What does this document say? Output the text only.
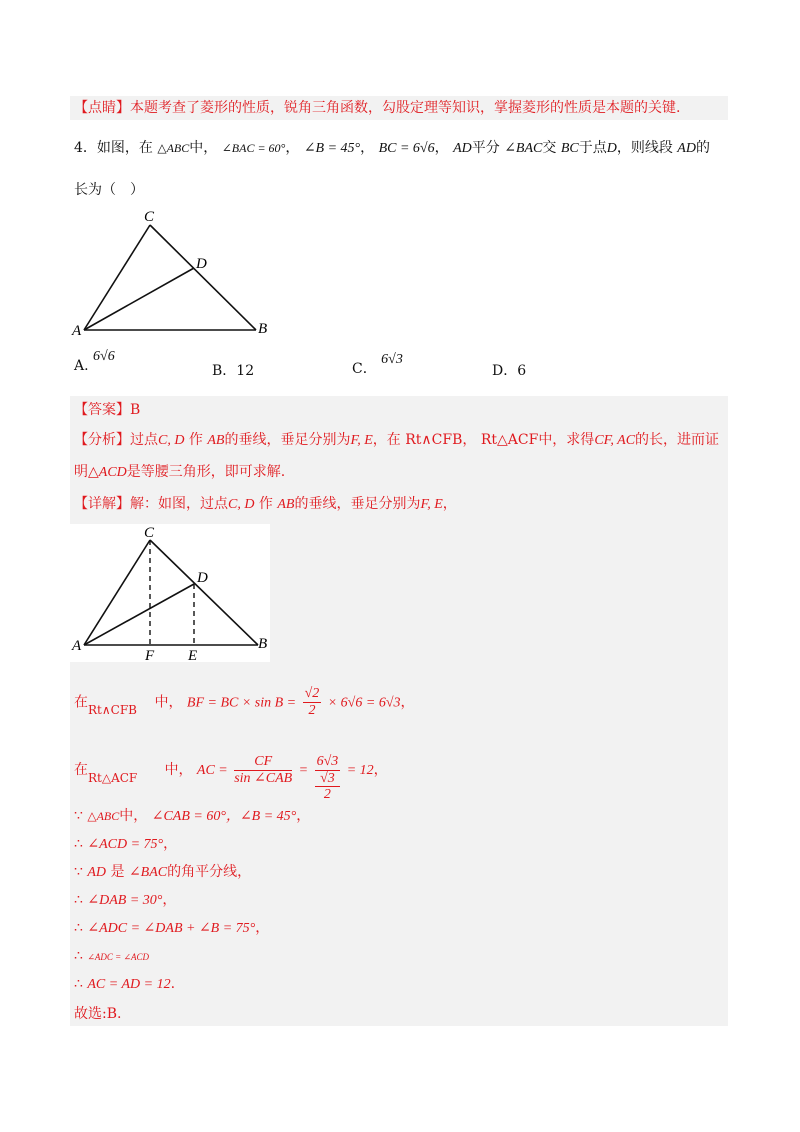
【点睛】本题考查了菱形的性质，锐角三角函数，勾股定理等知识，掌握菱形的性质是本题的关键.
4．如图，在 △ABC中， ∠BAC = 60°， ∠B = 45°， BC = 6√6， AD平分 ∠BAC交 BC于点D，则线段 AD的
长为（　）
C
D
A	B
A. 6√6
B．12	C． 6√3
D．6
【答案】B
【分析】过点C, D 作 AB的垂线，垂足分别为F, E，在 Rt∧CFB， Rt△ACF中，求得CF, AC的长，进而证
明△ACD是等腰三角形，即可求解.
【详解】解：如图，过点C, D 作 AB的垂线，垂足分别为F, E，
C
D
A	B
F E
在 Rt∧CFB 中， BF = BC × $\sin B = \frac{√2}{2} \times 6√6 = 6√3$，
在 Rt△ACF 中， AC = $\frac{CF}{\text{sin ∠CAB}} = 6√3$
√3
2 = 12，
∵ △ABC中， ∠CAB = 60°，∠B = 45°，
∴ ∠ACD = 75°，
∵ AD 是 ∠BAC的角平分线，
∴ ∠DAB = 30°，
∴ ∠ADC = ∠DAB + ∠B = 75°，
∴ ∠ADC = ∠ACD
∴ AC = AD = 12.
故选:B.
